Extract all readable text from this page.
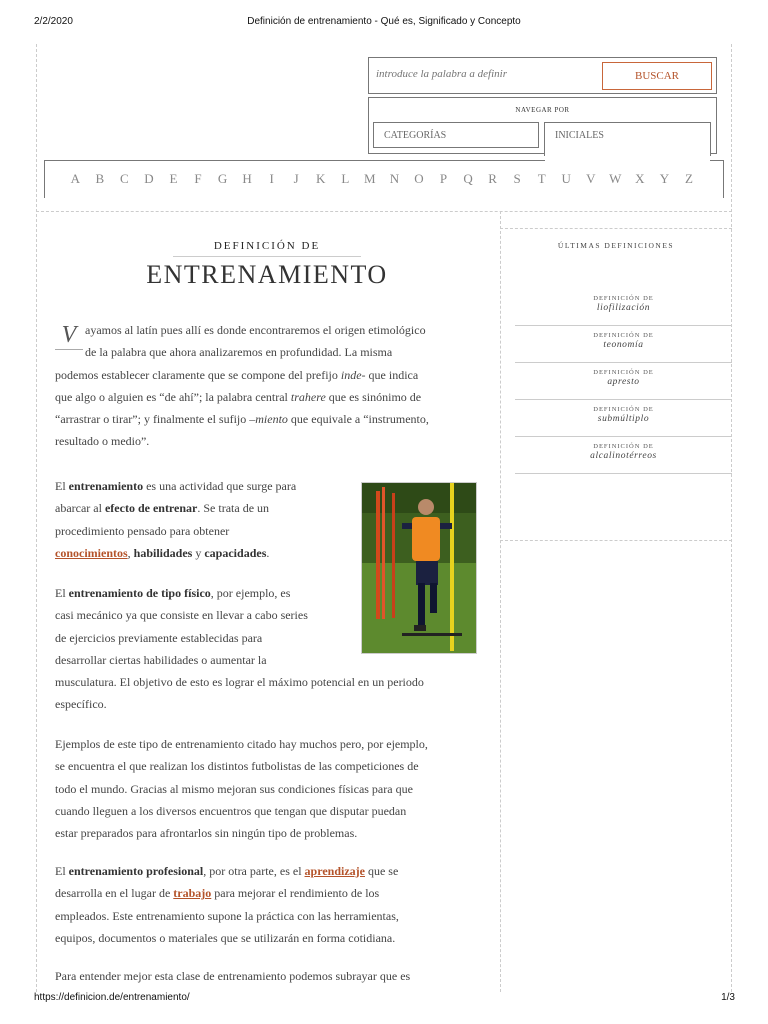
2/2/2020	Definición de entrenamiento - Qué es, Significado y Concepto
introduce la palabra a definir
BUSCAR
NAVEGAR POR
CATEGORÍAS	INICIALES
A	B	C	D	E	F	G	H	I	J	K	L	M	N	O	P	Q	R	S	T	U	V	W	X	Y	Z
ÚLTIMAS DEFINICIONES
DEFINICIÓN DE
liofilización
DEFINICIÓN DE
teonomía
DEFINICIÓN DE
apresto
DEFINICIÓN DE
submúltiplo
DEFINICIÓN DE
alcalinotérreos
DEFINICIÓN DE
ENTRENAMIENTO
V ayamos al latín pues allí es donde encontraremos el origen etimológico
de la palabra que ahora analizaremos en profundidad. La misma
podemos establecer claramente que se compone del prefijo inde- que indica
que algo o alguien es “de ahí”; la palabra central trahere que es sinónimo de
“arrastrar o tirar”; y finalmente el sufijo –miento que equivale a “instrumento,
resultado o medio”.
El entrenamiento es una actividad que surge para
abarcar al efecto de entrenar. Se trata de un
procedimiento pensado para obtener
conocimientos, habilidades y capacidades.
El entrenamiento de tipo físico, por ejemplo, es
casi mecánico ya que consiste en llevar a cabo series
de ejercicios previamente establecidas para
desarrollar ciertas habilidades o aumentar la
musculatura. El objetivo de esto es lograr el máximo potencial en un periodo
específico.
Ejemplos de este tipo de entrenamiento citado hay muchos pero, por ejemplo,
se encuentra el que realizan los distintos futbolistas de las competiciones de
todo el mundo. Gracias al mismo mejoran sus condiciones físicas para que
cuando lleguen a los diversos encuentros que tengan que disputar puedan
estar preparados para afrontarlos sin ningún tipo de problemas.
El entrenamiento profesional, por otra parte, es el aprendizaje que se
desarrolla en el lugar de trabajo para mejorar el rendimiento de los
empleados. Este entrenamiento supone la práctica con las herramientas,
equipos, documentos o materiales que se utilizarán en forma cotidiana.
Para entender mejor esta clase de entrenamiento podemos subrayar que es
https://definicion.de/entrenamiento/	1/3
